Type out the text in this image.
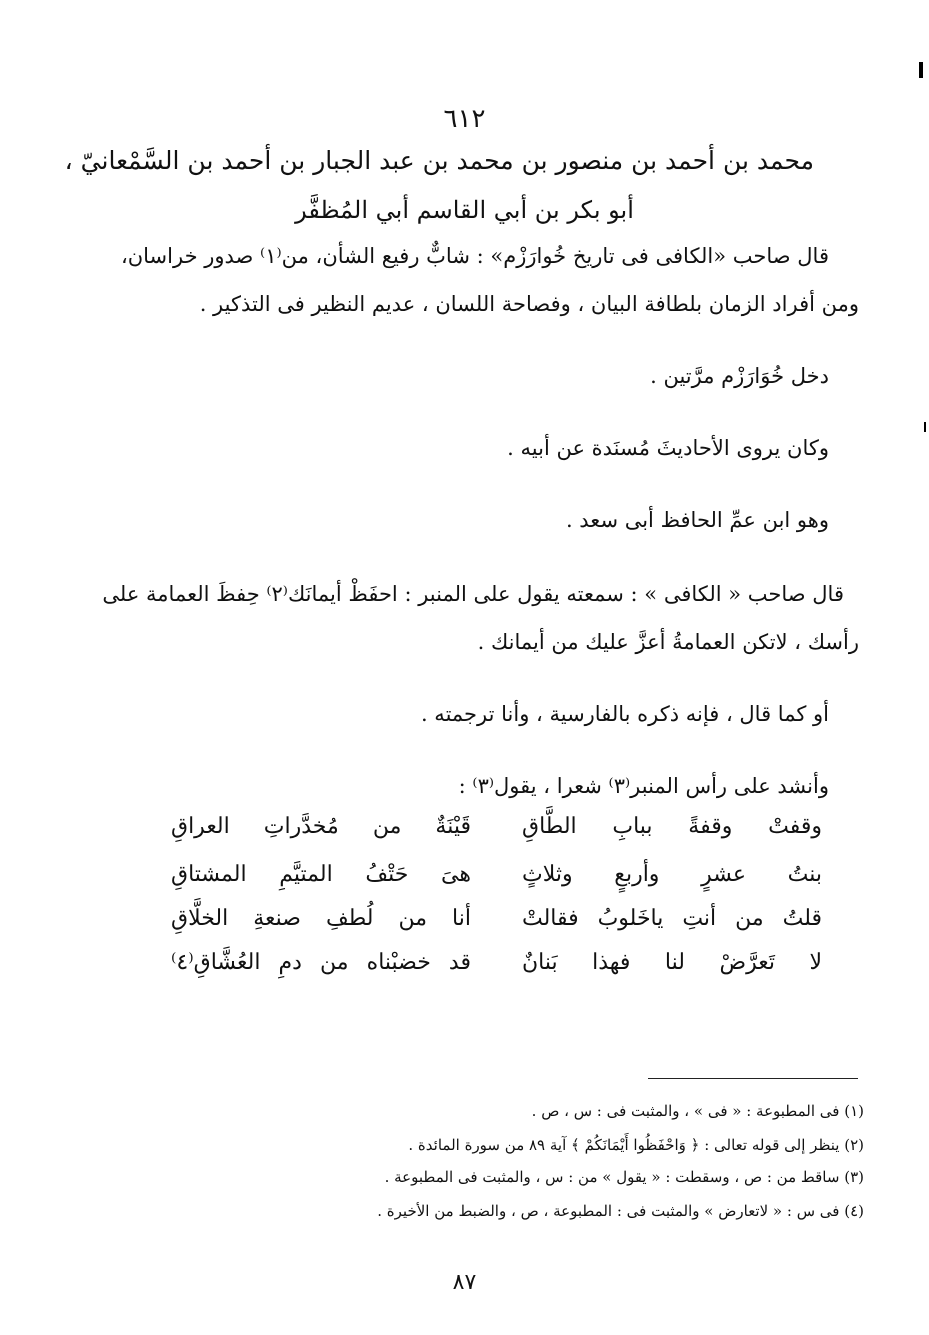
٦١٢
محمد بن أحمد بن منصور بن محمد بن عبد الجبار بن أحمد بن السَّمْعانيّ ،
أبو بكر بن أبي القاسم أبي المُظفَّر
قال صاحب «الكافى فى تاريخ خُوارَزْم» : شابٌّ رفيع الشأن، من⁽١⁾ صدور خراسان،
ومن أفراد الزمان بلطافة البيان ، وفصاحة اللسان ، عديم النظير فى التذكير .
دخل خُوَارَزْم مرَّتين .
وكان يروى الأحاديثَ مُسنَدة عن أبيه .
وهو ابن عمِّ الحافظ أبى سعد .
قال صاحب « الكافى » : سمعته يقول على المنبر : احفَظْ أيمانَك⁽٢⁾ حِفظَ العمامة على
رأسك ، لاتكن العمامةُ أعزَّ عليك من أيمانك .
أو كما قال ، فإنه ذكره بالفارسية ، وأنا ترجمته .
وأنشد على رأس المنبر⁽٣⁾ شعرا ، يقول⁽٣⁾ :
وقفتْ وقفةً ببابِ الطَّاقِ
قَيْنَةٌ من مُخدَّراتِ العراقِ
بنتُ عشرٍ وأربعٍ وثلاثٍ
هىَ حَتْفُ المتيَّمِ المشتاقِ
قلتُ من أنتِ ياخَلوبُ فقالتْ
أنا من لُطفِ صنعةِ الخلَّاقِ
لا تَعرَّضْ لنا فهذا بَنانٌ
قد خضبْناه من دمِ العُشَّاقِ⁽٤⁾
(١) فى المطبوعة : « فى » ، والمثبت فى : س ، ص .
(٢) ينظر إلى قوله تعالى : ﴿ وَاحْفَظُوا أَيْمَانَكُمْ ﴾ آية ٨٩ من سورة المائدة .
(٣) ساقط من : ص ، وسقطت : « يقول » من : س ، والمثبت فى المطبوعة .
(٤) فى س : « لاتعارض » والمثبت فى : المطبوعة ، ص ، والضبط من الأخيرة .
٨٧
